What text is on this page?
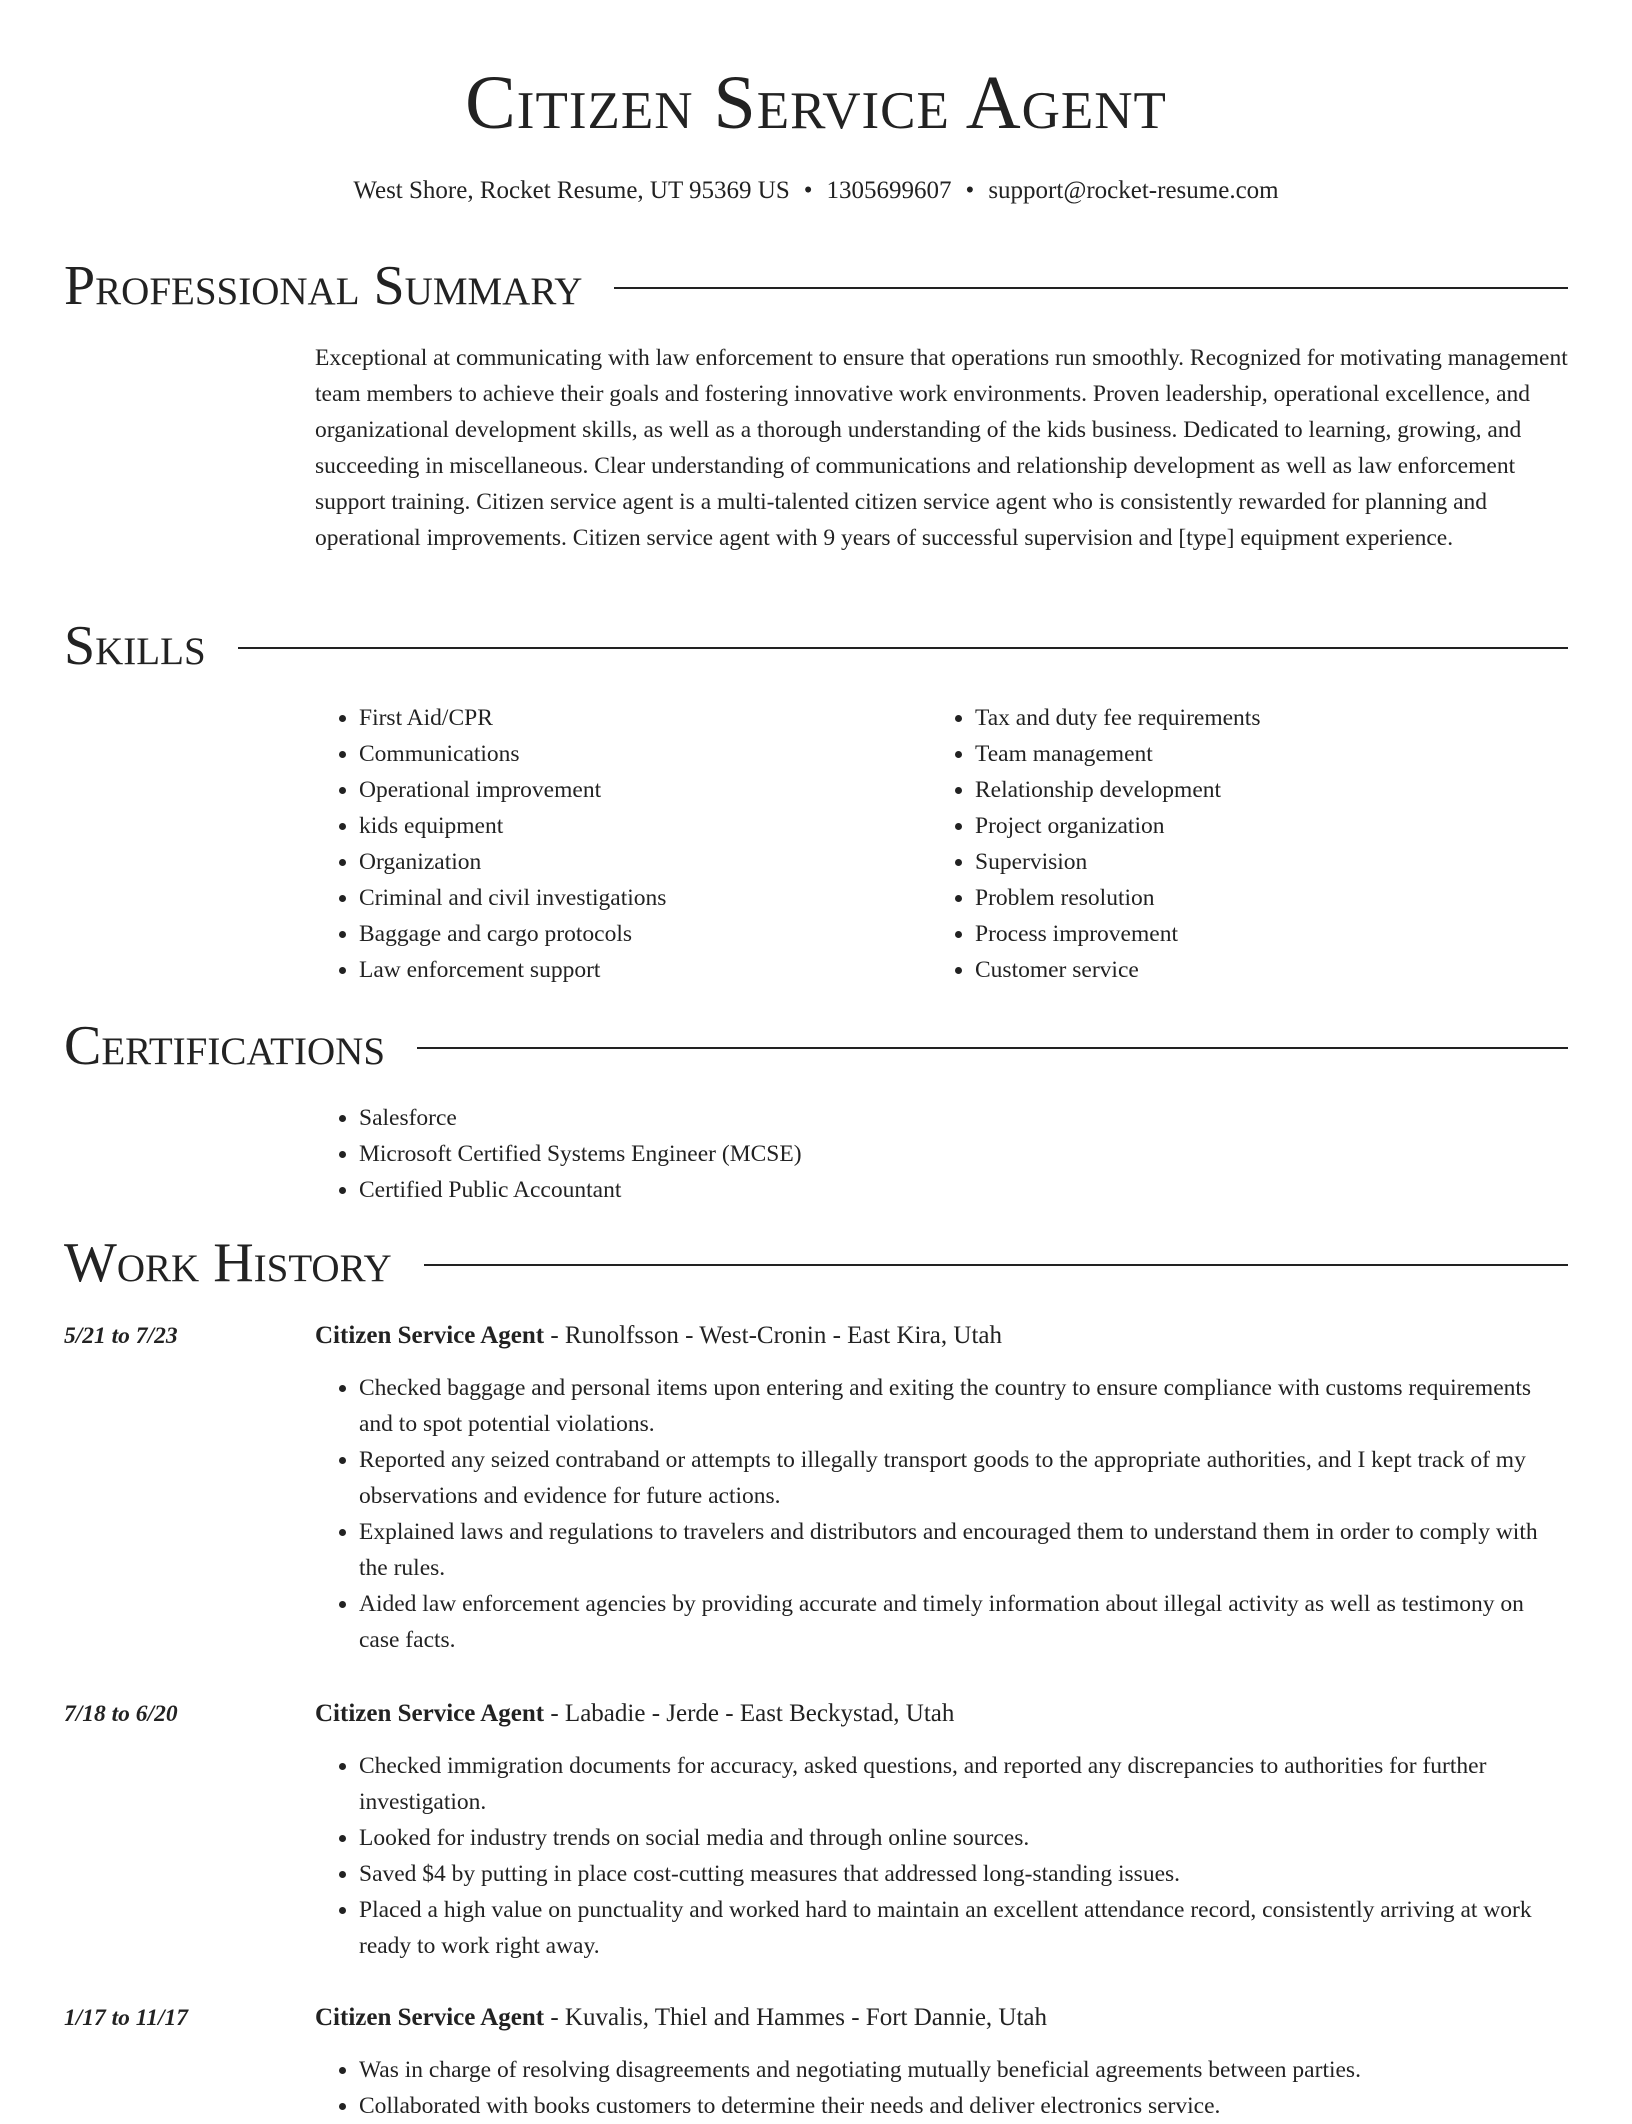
Citizen Service Agent
West Shore, Rocket Resume, UT 95369 US • 1305699607 • support@rocket-resume.com
Professional Summary
Exceptional at communicating with law enforcement to ensure that operations run smoothly. Recognized for motivating management team members to achieve their goals and fostering innovative work environments. Proven leadership, operational excellence, and organizational development skills, as well as a thorough understanding of the kids business. Dedicated to learning, growing, and succeeding in miscellaneous. Clear understanding of communications and relationship development as well as law enforcement support training. Citizen service agent is a multi-talented citizen service agent who is consistently rewarded for planning and operational improvements. Citizen service agent with 9 years of successful supervision and [type] equipment experience.
Skills
• First Aid/CPR
• Communications
• Operational improvement
• kids equipment
• Organization
• Criminal and civil investigations
• Baggage and cargo protocols
• Law enforcement support
• Tax and duty fee requirements
• Team management
• Relationship development
• Project organization
• Supervision
• Problem resolution
• Process improvement
• Customer service
Certifications
• Salesforce
• Microsoft Certified Systems Engineer (MCSE)
• Certified Public Accountant
Work History
5/21 to 7/23	Citizen Service Agent - Runolfsson - West-Cronin - East Kira, Utah
• Checked baggage and personal items upon entering and exiting the country to ensure compliance with customs requirements and to spot potential violations.
• Reported any seized contraband or attempts to illegally transport goods to the appropriate authorities, and I kept track of my observations and evidence for future actions.
• Explained laws and regulations to travelers and distributors and encouraged them to understand them in order to comply with the rules.
• Aided law enforcement agencies by providing accurate and timely information about illegal activity as well as testimony on case facts.
7/18 to 6/20	Citizen Service Agent - Labadie - Jerde - East Beckystad, Utah
• Checked immigration documents for accuracy, asked questions, and reported any discrepancies to authorities for further investigation.
• Looked for industry trends on social media and through online sources.
• Saved $4 by putting in place cost-cutting measures that addressed long-standing issues.
• Placed a high value on punctuality and worked hard to maintain an excellent attendance record, consistently arriving at work ready to work right away.
1/17 to 11/17	Citizen Service Agent - Kuvalis, Thiel and Hammes - Fort Dannie, Utah
• Was in charge of resolving disagreements and negotiating mutually beneficial agreements between parties.
• Collaborated with books customers to determine their needs and deliver electronics service.
